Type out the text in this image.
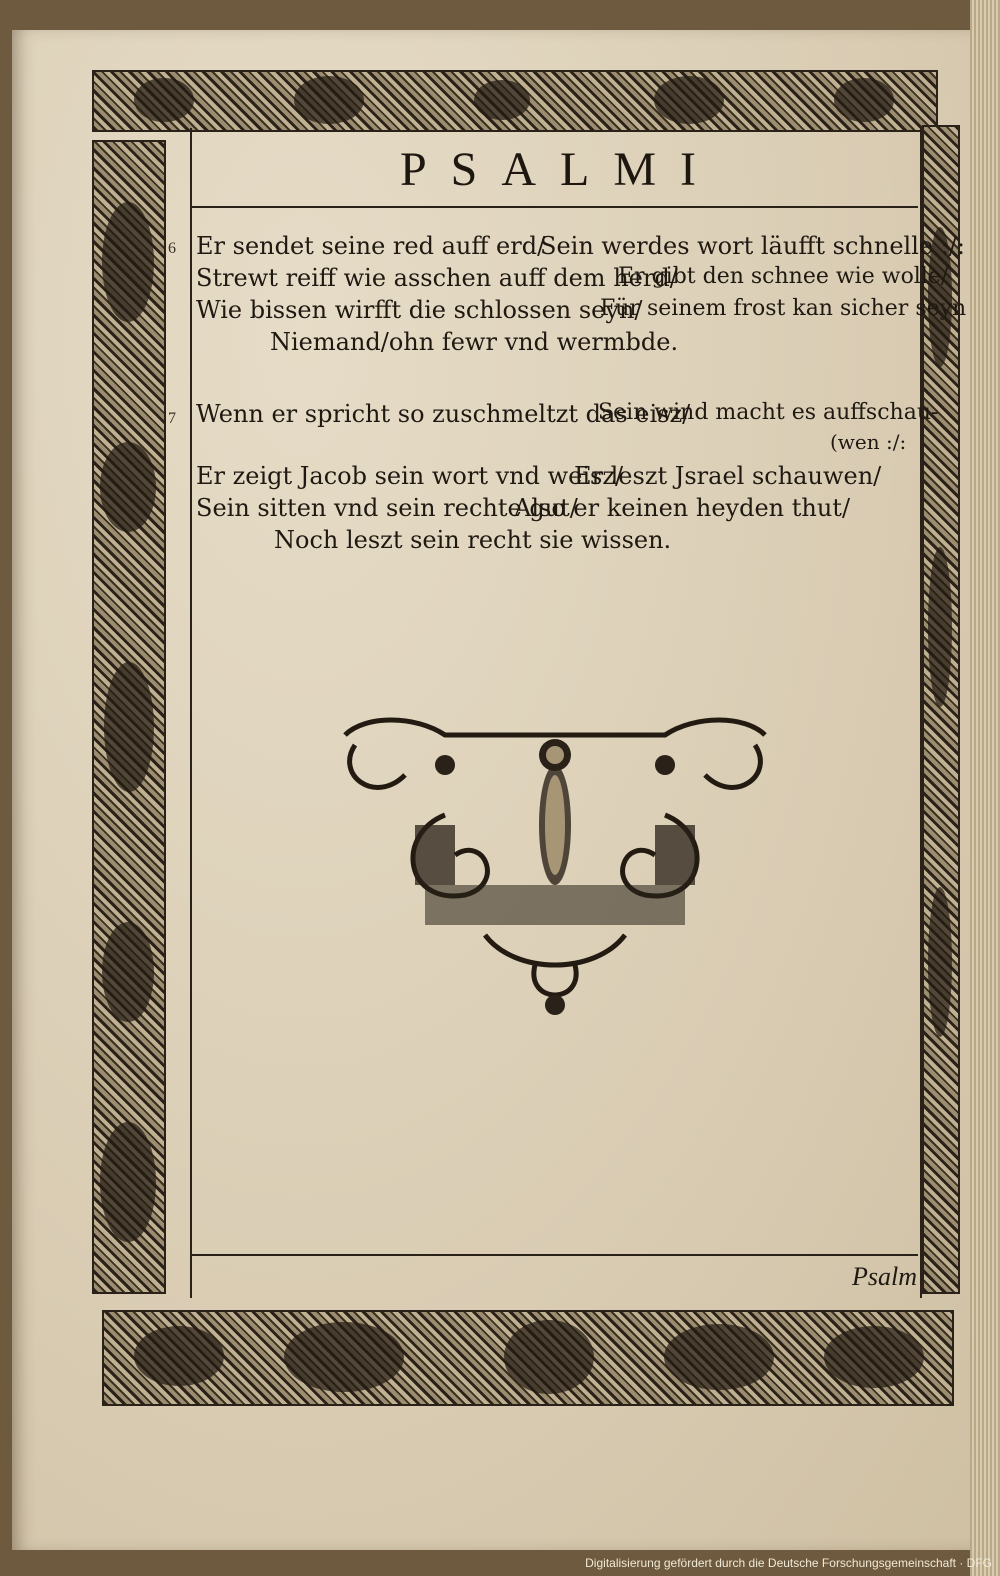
PSALMI
6 Er sendet seine red auff erd/
Sein werdes wort läufft schnelle :/:
Strewt reiff wie asschen auff dem herd/
Er gibt den schnee wie wolle/
Wie bissen wirfft die schlossen seyn/
Für seinem frost kan sicher seyn
Niemand/ohn fewr vnd wermbde.
7 Wenn er spricht so zuschmeltzt das eisz/
Sein wind macht es auffschau-
(wen :/:
Er zeigt Jacob sein wort vnd weisz/
Er leszt Jsrael schauwen/
Sein sitten vnd sein rechte gut/
Also er keinen heyden thut/
Noch leszt sein recht sie wissen.
Psalm
Digitalisierung gefördert durch die Deutsche Forschungsgemeinschaft · DFG
